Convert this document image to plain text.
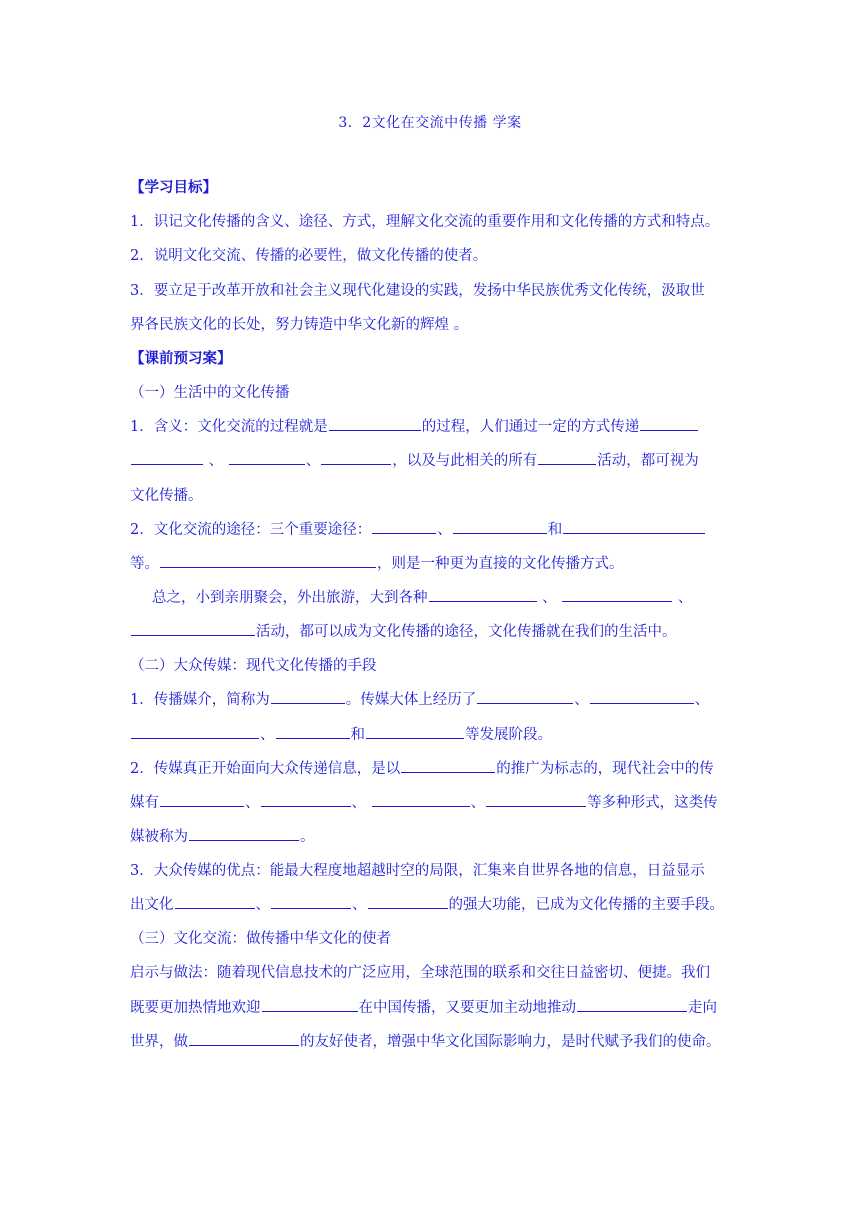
3．2文化在交流中传播 学案
【学习目标】
1．识记文化传播的含义、途径、方式，理解文化交流的重要作用和文化传播的方式和特点。
2．说明文化交流、传播的必要性，做文化传播的使者。
3．要立足于改革开放和社会主义现代化建设的实践，发扬中华民族优秀文化传统，汲取世
界各民族文化的长处，努力铸造中华文化新的辉煌 。
【课前预习案】
（一）生活中的文化传播
1．含义：文化交流的过程就是	的过程，人们通过一定的方式传递
、	、	，以及与此相关的所有	活动，都可视为
文化传播。
2．文化交流的途径：三个重要途径：	、	和
等。	，则是一种更为直接的文化传播方式。
总之，小到亲朋聚会，外出旅游，大到各种	、	、
活动，都可以成为文化传播的途径，文化传播就在我们的生活中。
（二）大众传媒：现代文化传播的手段
1．传播媒介，简称为	。传媒大体上经历了	、	、
、	和	等发展阶段。
2．传媒真正开始面向大众传递信息，是以	的推广为标志的，现代社会中的传
媒有	、	、	、	等多种形式，这类传
媒被称为	。
3．大众传媒的优点：能最大程度地超越时空的局限，汇集来自世界各地的信息，日益显示
出文化	、	、	的强大功能，已成为文化传播的主要手段。
（三）文化交流：做传播中华文化的使者
启示与做法：随着现代信息技术的广泛应用，全球范围的联系和交往日益密切、便捷。我们
既要更加热情地欢迎	在中国传播，又要更加主动地推动	走向
世界，做	的友好使者，增强中华文化国际影响力，是时代赋予我们的使命。
